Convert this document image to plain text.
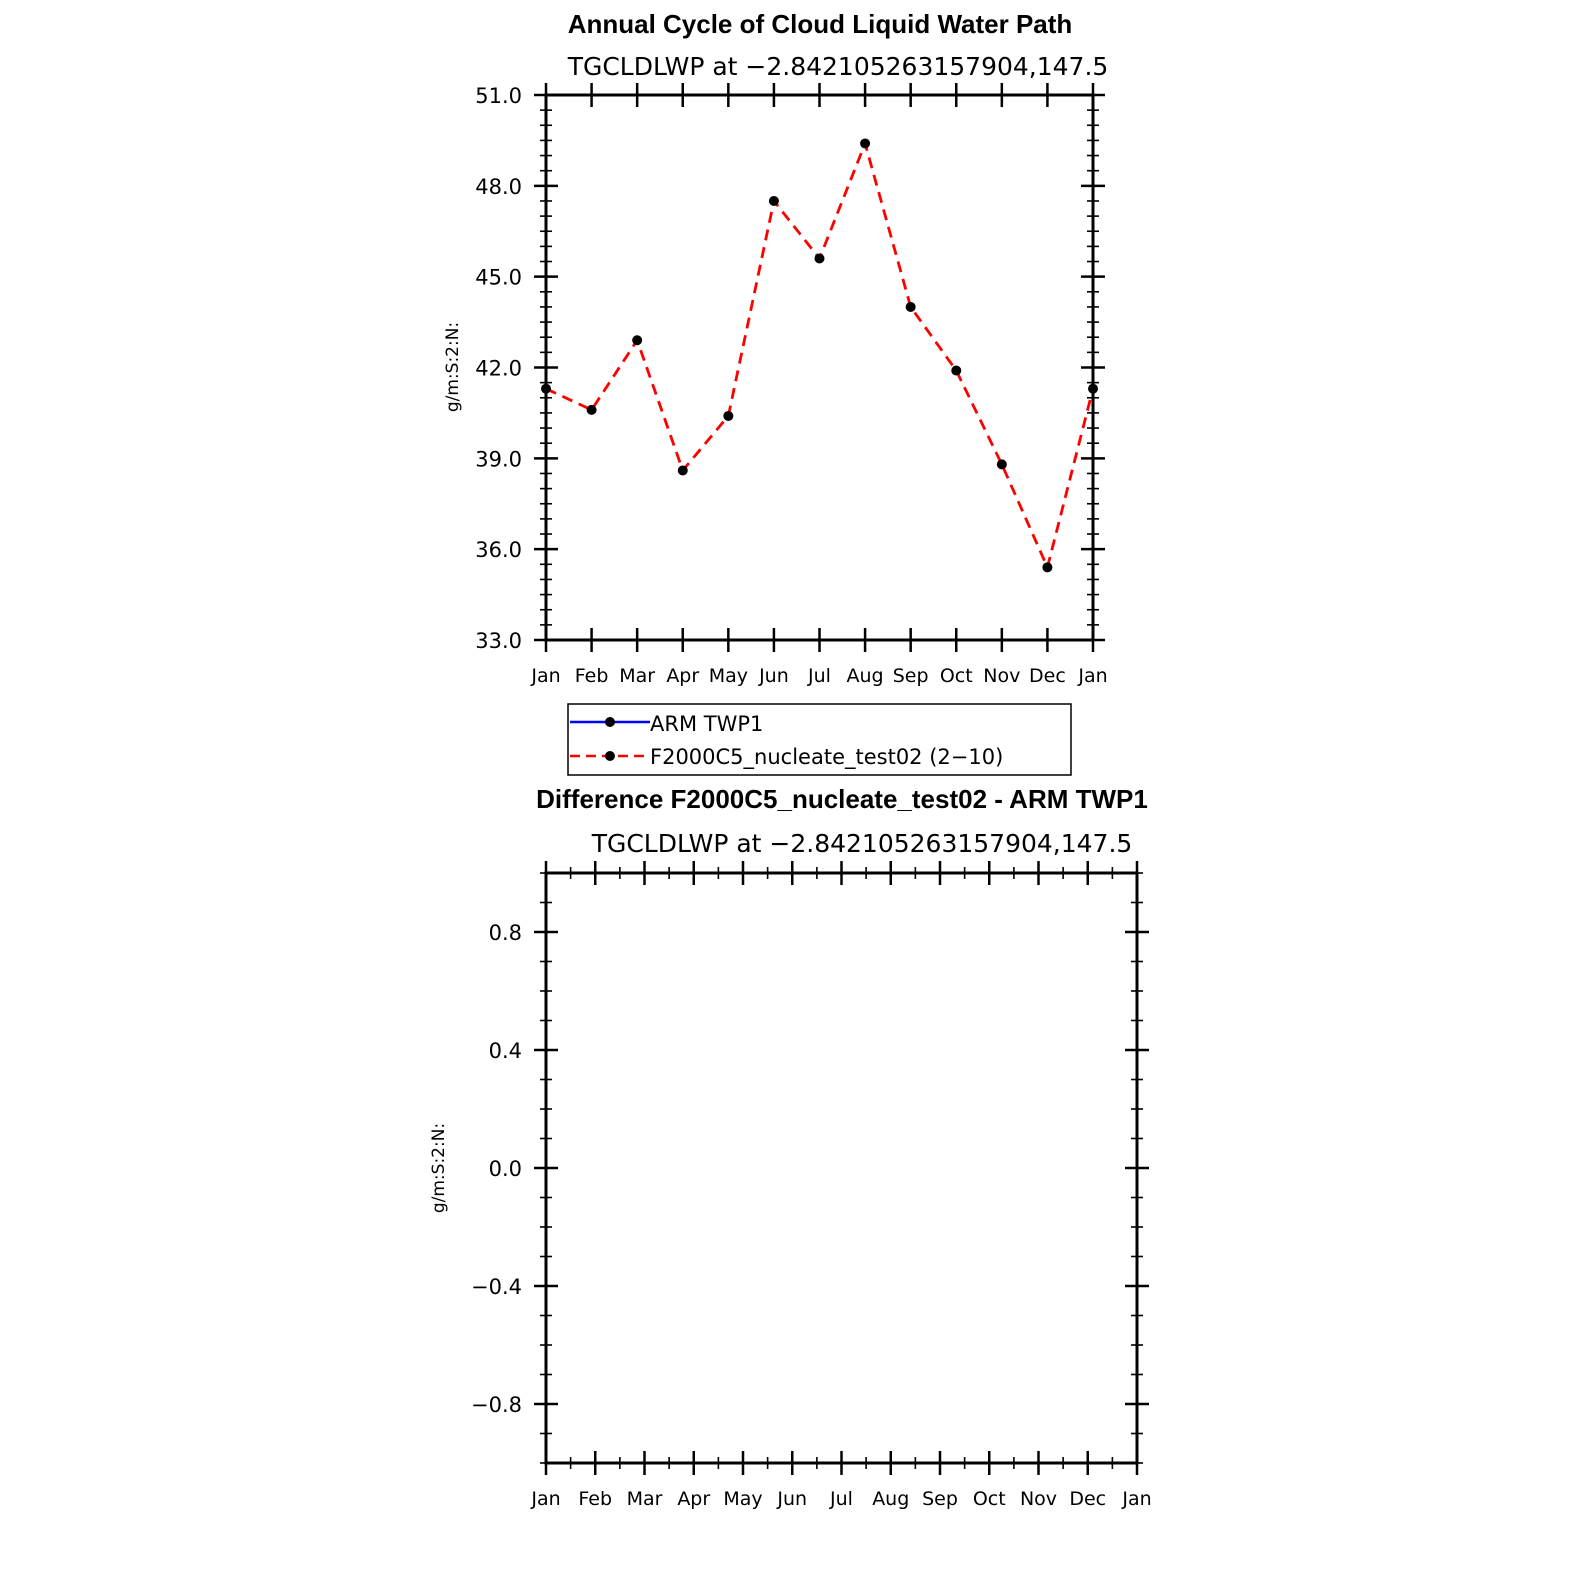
Annual Cycle of Cloud Liquid Water Path
TGCLDLWP at −2.842105263157904,147.5
g/m:S:2:N:
33.0
36.0
39.0
42.0
45.0
48.0
51.0
Jan Feb Mar Apr May Jun Jul Aug Sep Oct Nov Dec Jan
ARM TWP1
F2000C5_nucleate_test02 (2−10)
Difference F2000C5_nucleate_test02 - ARM TWP1
TGCLDLWP at −2.842105263157904,147.5
g/m:S:2:N:
−0.8
−0.4
0.0
0.4
0.8
Jan Feb Mar Apr May Jun Jul Aug Sep Oct Nov Dec Jan
